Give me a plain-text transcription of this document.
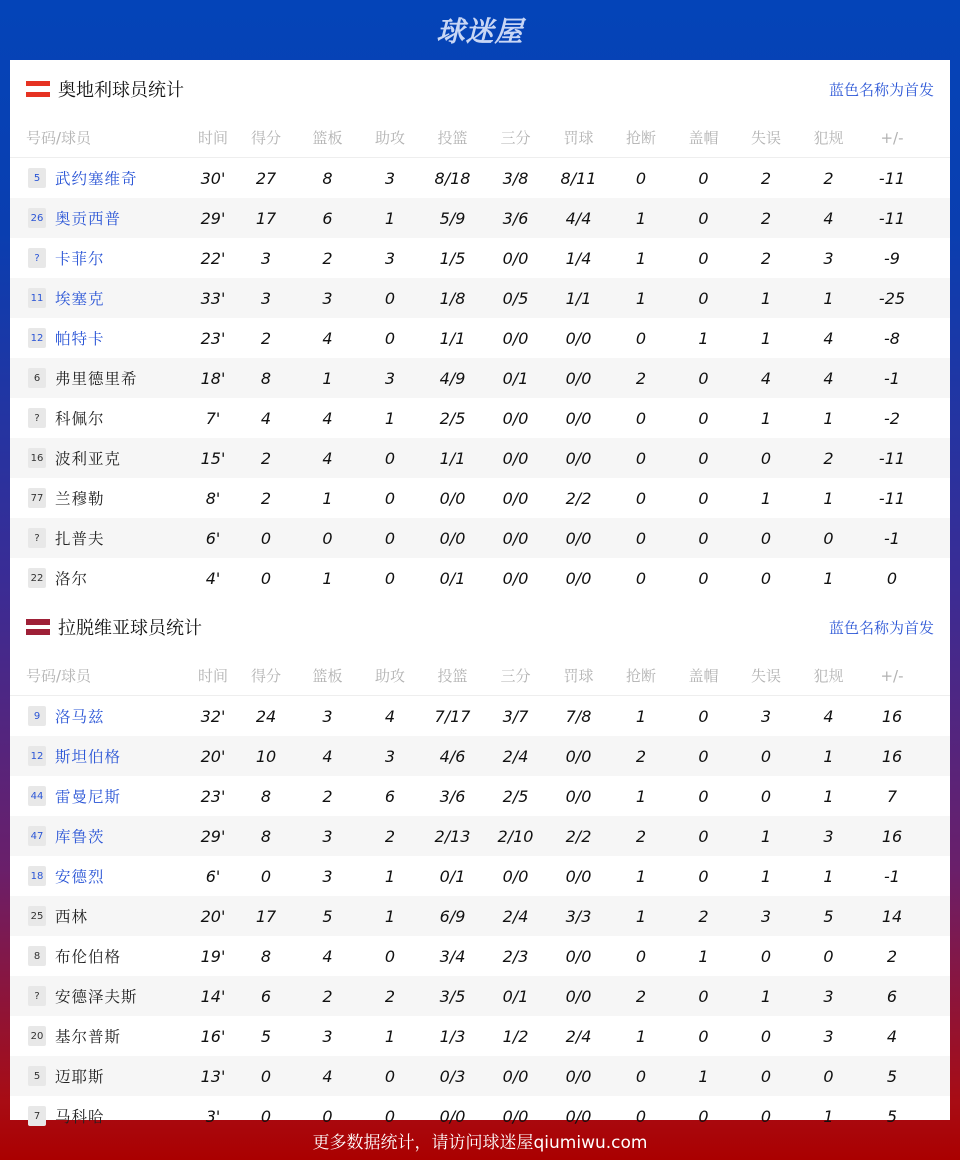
球迷屋
奥地利球员统计	蓝色名称为首发
号码/球员	时间	得分	篮板	助攻	投篮	三分	罚球	抢断	盖帽	失误	犯规	+/-
5 武约塞维奇	30'	27	8	3	8/18	3/8	8/11	0	0	2	2	-11
26 奥贡西普	29'	17	6	1	5/9	3/6	4/4	1	0	2	4	-11
? 卡菲尔	22'	3	2	3	1/5	0/0	1/4	1	0	2	3	-9
11 埃塞克	33'	3	3	0	1/8	0/5	1/1	1	0	1	1	-25
12 帕特卡	23'	2	4	0	1/1	0/0	0/0	0	1	1	4	-8
6 弗里德里希	18'	8	1	3	4/9	0/1	0/0	2	0	4	4	-1
? 科佩尔	7'	4	4	1	2/5	0/0	0/0	0	0	1	1	-2
16 波利亚克	15'	2	4	0	1/1	0/0	0/0	0	0	0	2	-11
77 兰穆勒	8'	2	1	0	0/0	0/0	2/2	0	0	1	1	-11
? 扎普夫	6'	0	0	0	0/0	0/0	0/0	0	0	0	0	-1
22 洛尔	4'	0	1	0	0/1	0/0	0/0	0	0	0	1	0
拉脱维亚球员统计	蓝色名称为首发
号码/球员	时间	得分	篮板	助攻	投篮	三分	罚球	抢断	盖帽	失误	犯规	+/-
9 洛马兹	32'	24	3	4	7/17	3/7	7/8	1	0	3	4	16
12 斯坦伯格	20'	10	4	3	4/6	2/4	0/0	2	0	0	1	16
44 雷曼尼斯	23'	8	2	6	3/6	2/5	0/0	1	0	0	1	7
47 库鲁茨	29'	8	3	2	2/13	2/10	2/2	2	0	1	3	16
18 安德烈	6'	0	3	1	0/1	0/0	0/0	1	0	1	1	-1
25 西林	20'	17	5	1	6/9	2/4	3/3	1	2	3	5	14
8 布伦伯格	19'	8	4	0	3/4	2/3	0/0	0	1	0	0	2
? 安德泽夫斯	14'	6	2	2	3/5	0/1	0/0	2	0	1	3	6
20 基尔普斯	16'	5	3	1	1/3	1/2	2/4	1	0	0	3	4
5 迈耶斯	13'	0	4	0	0/3	0/0	0/0	0	1	0	0	5
7 马科哈	3'	0	0	0	0/0	0/0	0/0	0	0	0	1	5
更多数据统计，请访问球迷屋qiumiwu.com
